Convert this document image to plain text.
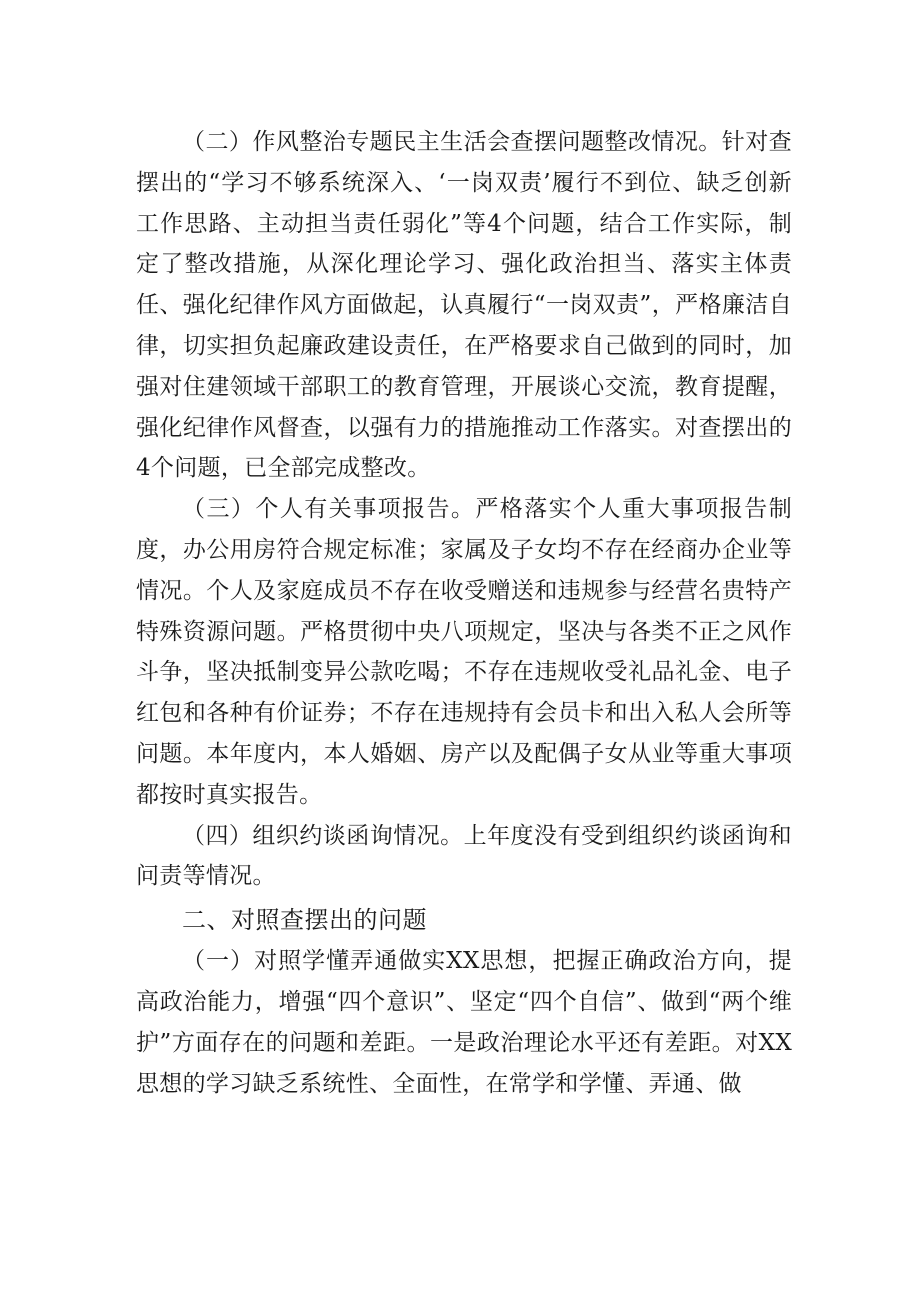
（二）作风整治专题民主生活会查摆问题整改情况。针对查摆出的“学习不够系统深入、‘一岗双责’履行不到位、缺乏创新工作思路、主动担当责任弱化”等4个问题，结合工作实际，制定了整改措施，从深化理论学习、强化政治担当、落实主体责任、强化纪律作风方面做起，认真履行“一岗双责”，严格廉洁自律，切实担负起廉政建设责任，在严格要求自己做到的同时，加强对住建领域干部职工的教育管理，开展谈心交流，教育提醒，强化纪律作风督查，以强有力的措施推动工作落实。对查摆出的4个问题，已全部完成整改。

（三）个人有关事项报告。严格落实个人重大事项报告制度，办公用房符合规定标准；家属及子女均不存在经商办企业等情况。个人及家庭成员不存在收受赠送和违规参与经营名贵特产特殊资源问题。严格贯彻中央八项规定，坚决与各类不正之风作斗争，坚决抵制变异公款吃喝；不存在违规收受礼品礼金、电子红包和各种有价证券；不存在违规持有会员卡和出入私人会所等问题。本年度内，本人婚姻、房产以及配偶子女从业等重大事项都按时真实报告。

（四）组织约谈函询情况。上年度没有受到组织约谈函询和问责等情况。

二、对照查摆出的问题

（一）对照学懂弄通做实XX思想，把握正确政治方向，提高政治能力，增强“四个意识”、坚定“四个自信”、做到“两个维护”方面存在的问题和差距。一是政治理论水平还有差距。对XX思想的学习缺乏系统性、全面性，在常学和学懂、弄通、做
